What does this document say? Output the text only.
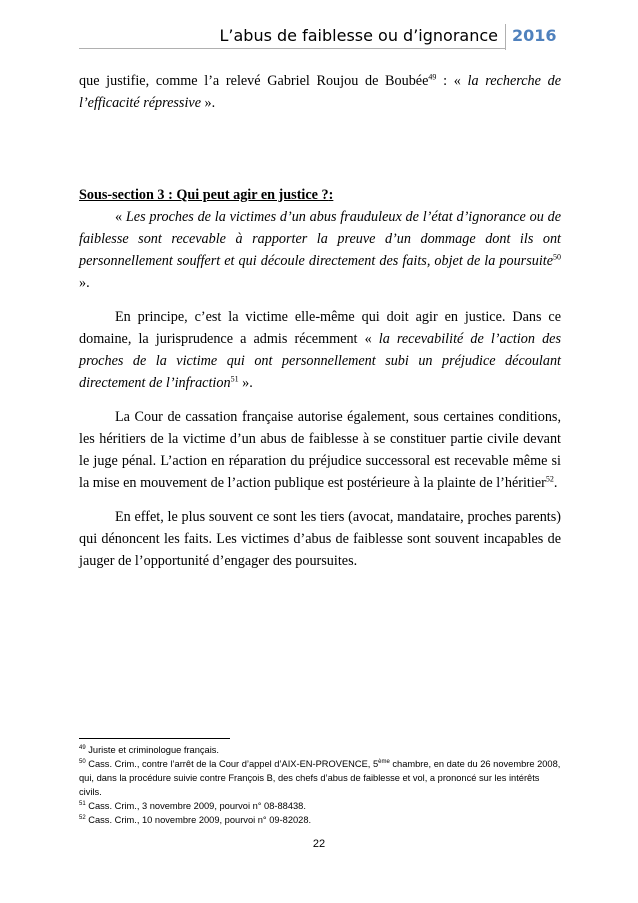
L’abus de faiblesse ou d’ignorance 2016

que justifie, comme l’a relevé Gabriel Roujou de Boubée$^{49}$ : « la recherche de l’efficacité répressive ».

Sous-section 3 : Qui peut agir en justice ?:

« Les proches de la victimes d’un abus frauduleux de l’état d’ignorance ou de faiblesse sont recevable à rapporter la preuve d’un dommage dont ils ont personnellement souffert et qui découle directement des faits, objet de la poursuite$^{50}$ ».

En principe, c’est la victime elle-même qui doit agir en justice. Dans ce domaine, la jurisprudence a admis récemment « la recevabilité de l’action des proches de la victime qui ont personnellement subi un préjudice découlant directement de l’infraction$^{51}$ ».

La Cour de cassation française autorise également, sous certaines conditions, les héritiers de la victime d’un abus de faiblesse à se constituer partie civile devant le juge pénal. L’action en réparation du préjudice successoral est recevable même si la mise en mouvement de l’action publique est postérieure à la plainte de l’héritier$^{52}$.

En effet, le plus souvent ce sont les tiers (avocat, mandataire, proches parents) qui dénoncent les faits. Les victimes d’abus de faiblesse sont souvent incapables de jauger de l’opportunité d’engager des poursuites.

$^{49}$ Juriste et criminologue français.

$^{50}$ Cass. Crim., contre l’arrêt de la Cour d’appel d’AIX-EN-PROVENCE, 5ème chambre, en date du 26 novembre 2008, qui, dans la procédure suivie contre François B, des chefs d’abus de faiblesse et vol, a prononcé sur les intérêts civils.

$^{51}$ Cass. Crim., 3 novembre 2009, pourvoi n° 08-88438.

$^{52}$ Cass. Crim., 10 novembre 2009, pourvoi n° 09-82028.

22
